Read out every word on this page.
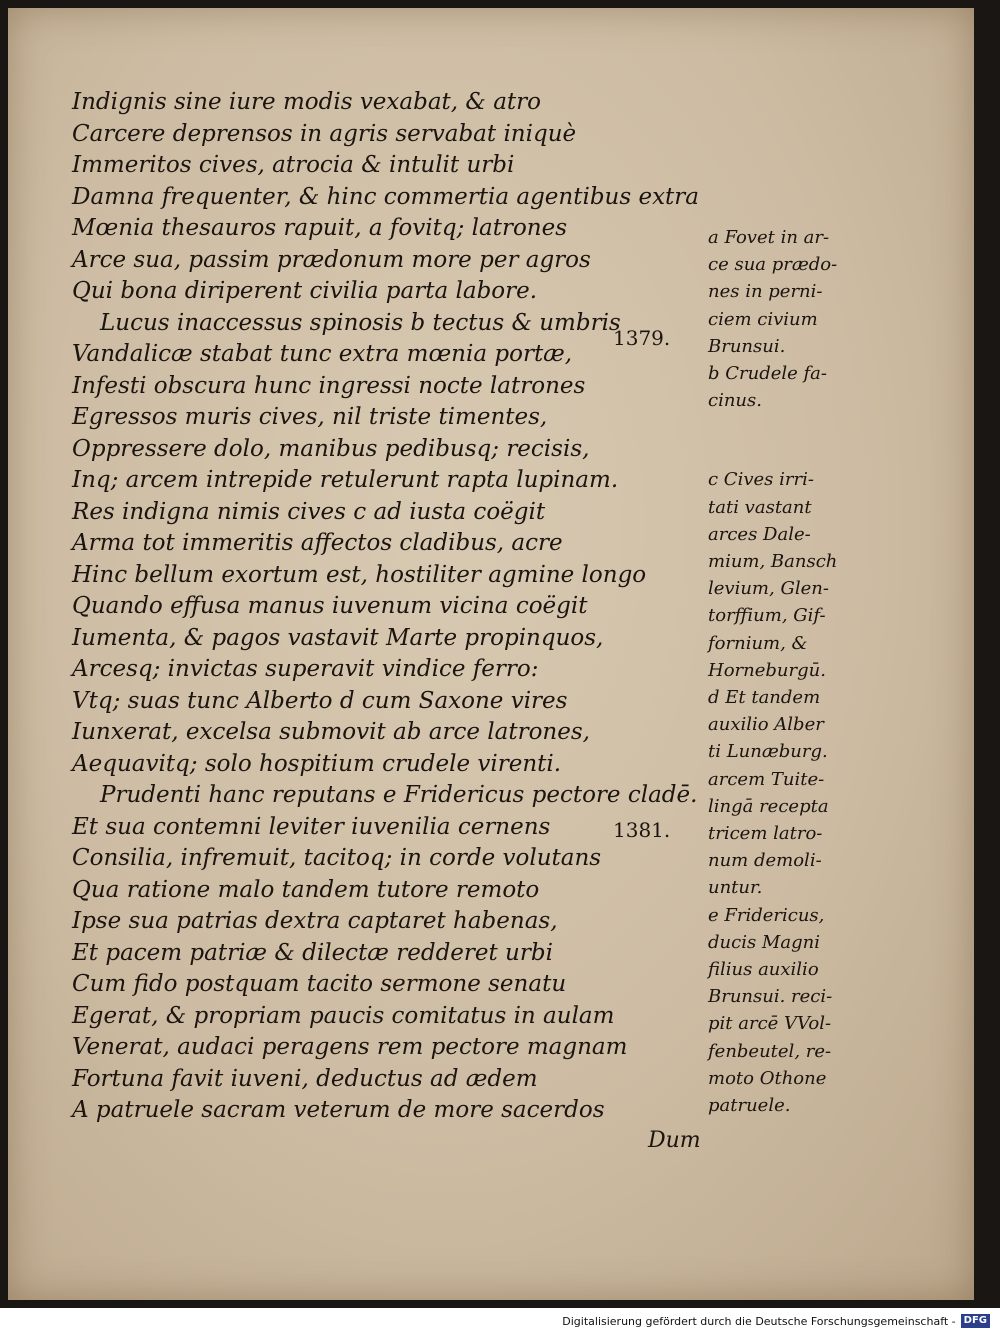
Indignis sine iure modis vexabat, & atro
Carcere deprensos in agris servabat iniquè
Immeritos cives, atrocia & intulit urbi
Damna frequenter, & hinc commertia agentibus extra
Mœnia thesauros rapuit, a fovitq; latrones
Arce sua, passim prædonum more per agros
Qui bona diriperent civilia parta labore.
Lucus inaccessus spinosis b tectus & umbris
Vandalicæ stabat tunc extra mœnia portæ,
Infesti obscura hunc ingressi nocte latrones
Egressos muris cives, nil triste timentes,
Oppressere dolo, manibus pedibusq; recisis,
Inq; arcem intrepide retulerunt rapta lupinam.
Res indigna nimis cives c ad iusta coëgit
Arma tot immeritis affectos cladibus, acre
Hinc bellum exortum est, hostiliter agmine longo
Quando effusa manus iuvenum vicina coëgit
Iumenta, & pagos vastavit Marte propinquos,
Arcesq; invictas superavit vindice ferro:
Vtq; suas tunc Alberto d cum Saxone vires
Iunxerat, excelsa submovit ab arce latrones,
Aequavitq; solo hospitium crudele virenti.
Prudenti hanc reputans e Fridericus pectore cladē.
Et sua contemni leviter iuvenilia cernens
Consilia, infremuit, tacitoq; in corde volutans
Qua ratione malo tandem tutore remoto
Ipse sua patrias dextra captaret habenas,
Et pacem patriæ & dilectæ redderet urbi
Cum fido postquam tacito sermone senatu
Egerat, & propriam paucis comitatus in aulam
Venerat, audaci peragens rem pectore magnam
Fortuna favit iuveni, deductus ad ædem
A patruele sacram veterum de more sacerdos
a Fovet in ar-
ce sua prædo-
nes in perni-
ciem civium
Brunsui.
b Crudele fa-
cinus.
c Cives irri-
tati vastant
arces Dale-
mium, Bansch
levium, Glen-
torffium, Gif-
fornium, &
Horneburgū.
d Et tandem
auxilio Alber
ti Lunæburg.
arcem Tuite-
lingā recepta
tricem latro-
num demoli-
untur.
e Fridericus,
ducis Magni
filius auxilio
Brunsui. reci-
pit arcē VVol-
fenbeutel, re-
moto Othone
patruele.
1379.
1381.
Dum
Digitalisierung gefördert durch die Deutsche Forschungsgemeinschaft - DFG
